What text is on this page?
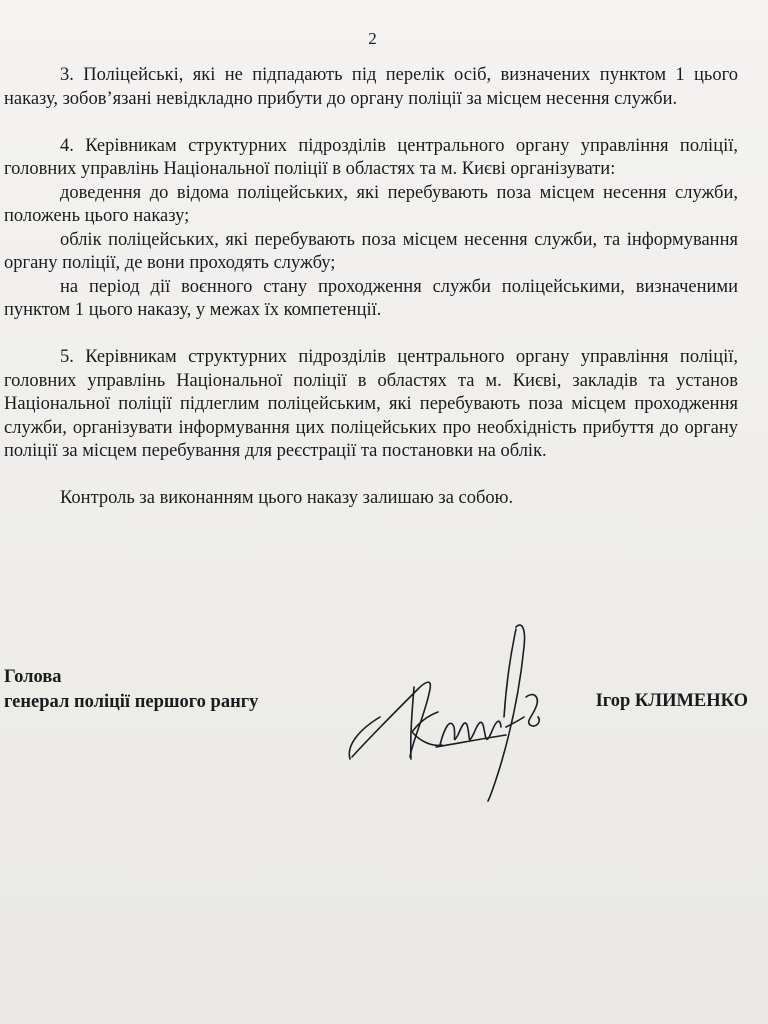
2

3. Поліцейські, які не підпадають під перелік осіб, визначених пунктом 1 цього наказу, зобов’язані невідкладно прибути до органу поліції за місцем несення служби.

4. Керівникам структурних підрозділів центрального органу управління поліції, головних управлінь Національної поліції в областях та м. Києві організувати:

доведення до відома поліцейських, які перебувають поза місцем несення служби, положень цього наказу;

облік поліцейських, які перебувають поза місцем несення служби, та інформування органу поліції, де вони проходять службу;

на період дії воєнного стану проходження служби поліцейськими, визначеними пунктом 1 цього наказу, у межах їх компетенції.

5. Керівникам структурних підрозділів центрального органу управління поліції, головних управлінь Національної поліції в областях та м. Києві, закладів та установ Національної поліції підлеглим поліцейським, які перебувають поза місцем проходження служби, організувати інформування цих поліцейських про необхідність прибуття до органу поліції за місцем перебування для реєстрації та постановки на облік.

Контроль за виконанням цього наказу залишаю за собою.

Голова
генерал поліції першого рангу	Ігор КЛИМЕНКО
